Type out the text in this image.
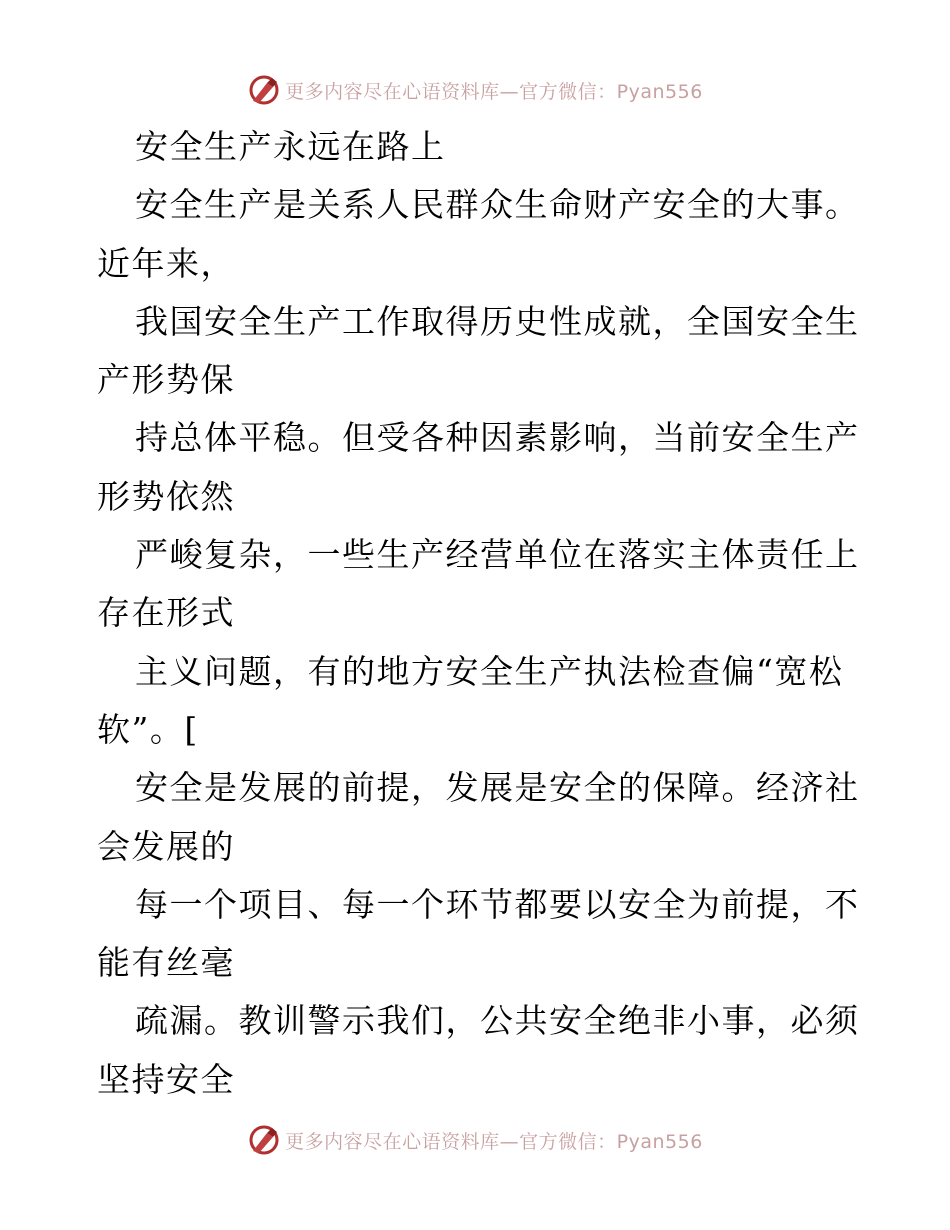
更多内容尽在心语资料库—官方微信：Pyan556
安全生产永远在路上
安全生产是关系人民群众生命财产安全的大事。
近年来，
我国安全生产工作取得历史性成就，全国安全生
产形势保
持总体平稳。但受各种因素影响，当前安全生产
形势依然
严峻复杂，一些生产经营单位在落实主体责任上
存在形式
主义问题，有的地方安全生产执法检查偏“宽松
软”。[
安全是发展的前提，发展是安全的保障。经济社
会发展的
每一个项目、每一个环节都要以安全为前提，不
能有丝毫
疏漏。教训警示我们，公共安全绝非小事，必须
坚持安全
更多内容尽在心语资料库—官方微信：Pyan556
